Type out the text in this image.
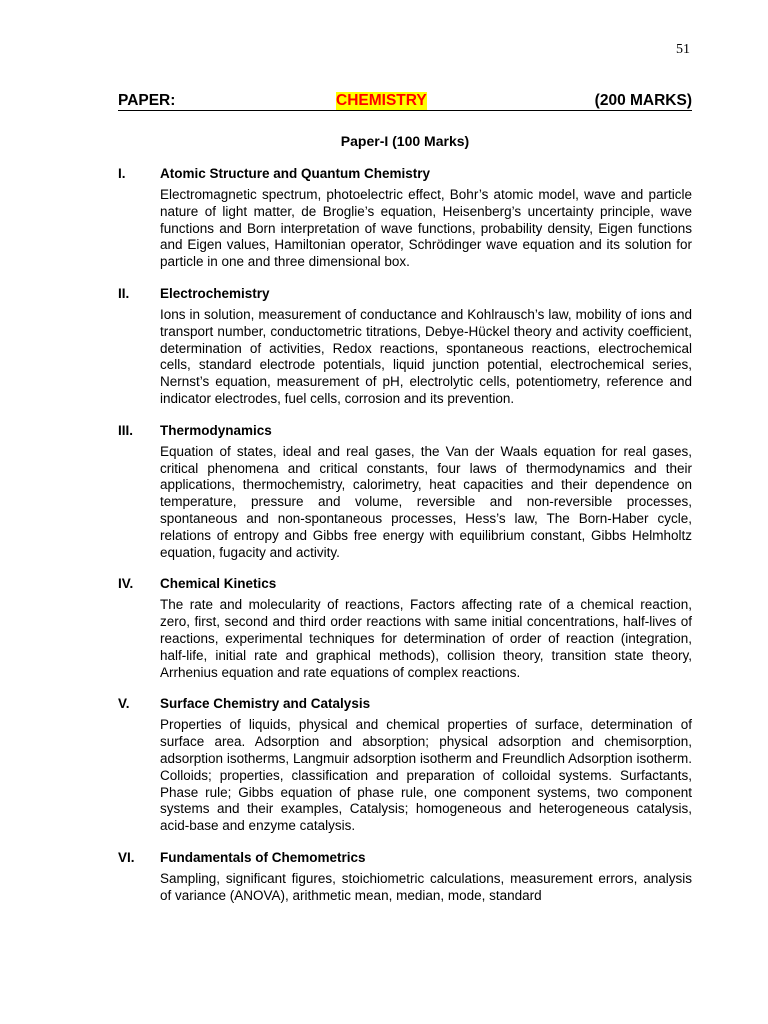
51
PAPER:	CHEMISTRY	(200 MARKS)
Paper-I (100 Marks)
I.	Atomic Structure and Quantum Chemistry
Electromagnetic spectrum, photoelectric effect, Bohr’s atomic model, wave and particle nature of light matter, de Broglie’s equation, Heisenberg’s uncertainty principle, wave functions and Born interpretation of wave functions, probability density, Eigen functions and Eigen values, Hamiltonian operator, Schrödinger wave equation and its solution for particle in one and three dimensional box.
II. Electrochemistry
Ions in solution, measurement of conductance and Kohlrausch’s law, mobility of ions and transport number, conductometric titrations, Debye-Hückel theory and activity coefficient, determination of activities, Redox reactions, spontaneous reactions, electrochemical cells, standard electrode potentials, liquid junction potential, electrochemical series, Nernst’s equation, measurement of pH, electrolytic cells, potentiometry, reference and indicator electrodes, fuel cells, corrosion and its prevention.
III. Thermodynamics
Equation of states, ideal and real gases, the Van der Waals equation for real gases, critical phenomena and critical constants, four laws of thermodynamics and their applications, thermochemistry, calorimetry, heat capacities and their dependence on temperature, pressure and volume, reversible and non-reversible processes, spontaneous and non-spontaneous processes, Hess’s law, The Born-Haber cycle, relations of entropy and Gibbs free energy with equilibrium constant, Gibbs Helmholtz equation, fugacity and activity.
IV. Chemical Kinetics
The rate and molecularity of reactions, Factors affecting rate of a chemical reaction, zero, first, second and third order reactions with same initial concentrations, half-lives of reactions, experimental techniques for determination of order of reaction (integration, half-life, initial rate and graphical methods), collision theory, transition state theory, Arrhenius equation and rate equations of complex reactions.
V. Surface Chemistry and Catalysis
Properties of liquids, physical and chemical properties of surface, determination of surface area. Adsorption and absorption; physical adsorption and chemisorption, adsorption isotherms, Langmuir adsorption isotherm and Freundlich Adsorption isotherm. Colloids; properties, classification and preparation of colloidal systems. Surfactants, Phase rule; Gibbs equation of phase rule, one component systems, two component systems and their examples, Catalysis; homogeneous and heterogeneous catalysis, acid-base and enzyme catalysis.
VI. Fundamentals of Chemometrics
Sampling, significant figures, stoichiometric calculations, measurement errors, analysis of variance (ANOVA), arithmetic mean, median, mode, standard
